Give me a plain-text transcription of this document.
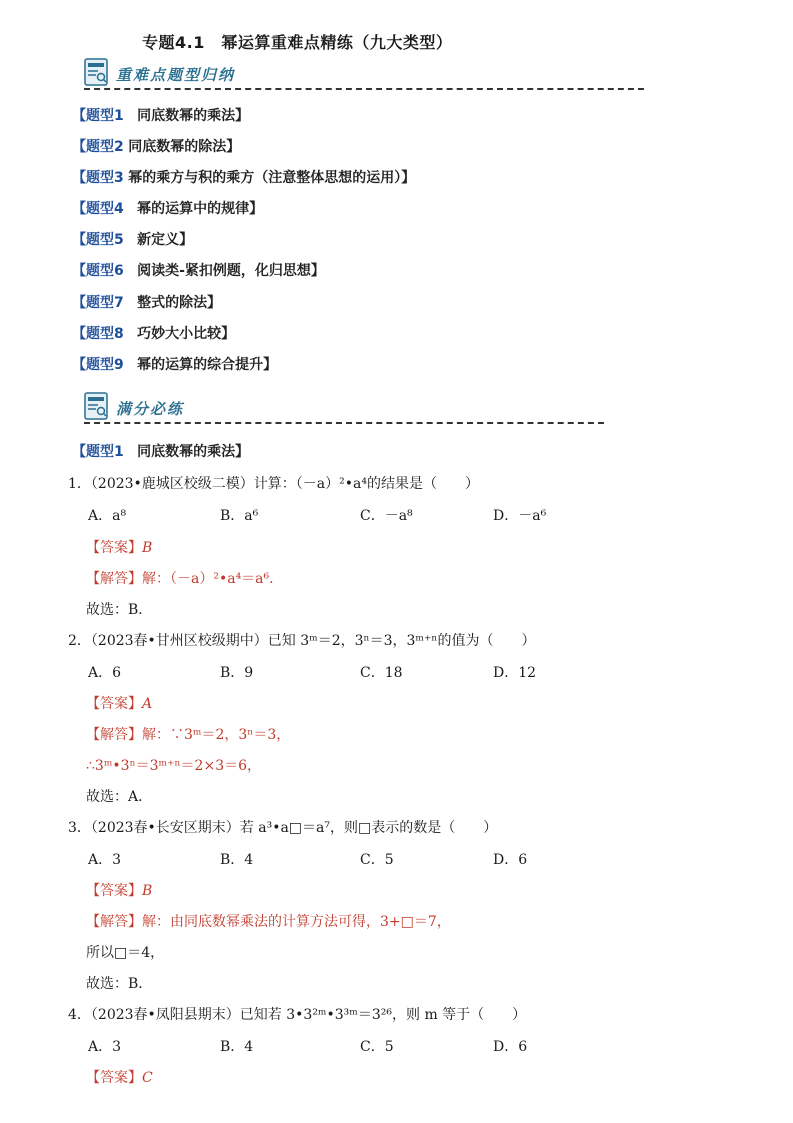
专题4.1　幂运算重难点精练（九大类型）
重难点题型归纳
【题型1 同底数幂的乘法】
【题型2 同底数幂的除法】
【题型3 幂的乘方与积的乘方（注意整体思想的运用）】
【题型4 幂的运算中的规律】
【题型5 新定义】
【题型6 阅读类-紧扣例题，化归思想】
【题型7 整式的除法】
【题型8 巧妙大小比较】
【题型9 幂的运算的综合提升】
满分必练
【题型1 同底数幂的乘法】
1．（2023•鹿城区校级二模）计算：（－a）²•a⁴的结果是（　　）
A．a⁸	B．a⁶	C．－a⁸	D．－a⁶
【答案】B
【解答】解：（－a）²•a⁴＝a⁶．
故选：B．
2．（2023春•甘州区校级期中）已知 3ᵐ＝2，3ⁿ＝3，3ᵐ⁺ⁿ的值为（　　）
A．6	B．9	C．18	D．12
【答案】A
【解答】解：∵3ᵐ＝2，3ⁿ＝3，
∴3ᵐ•3ⁿ＝3ᵐ⁺ⁿ＝2×3＝6，
故选：A．
3．（2023春•长安区期末）若 a³•a□＝a⁷，则□表示的数是（　　）
A．3	B．4	C．5	D．6
【答案】B
【解答】解：由同底数幂乘法的计算方法可得，3+□＝7，
所以□＝4，
故选：B．
4．（2023春•凤阳县期末）已知若 3•3²ᵐ•3³ᵐ＝3²⁶，则 m 等于（　　）
A．3	B．4	C．5	D．6
【答案】C
